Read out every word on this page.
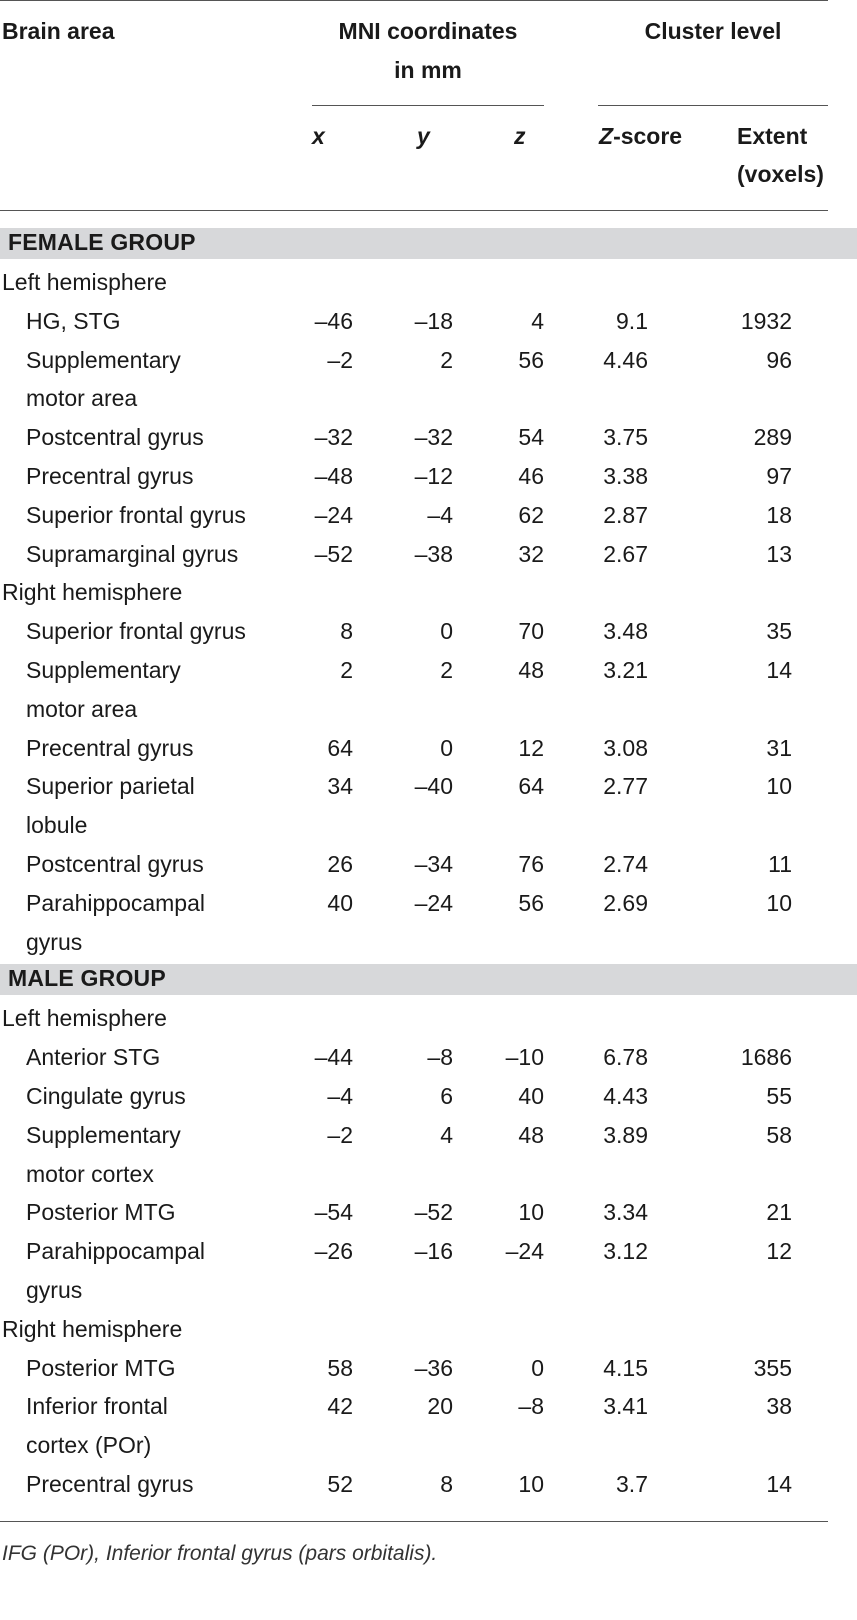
Brain area	MNI coordinates
in mm
Cluster level
x	y	z	Z-score Extent
(voxels)
FEMALE GROUP
Left hemisphere
HG, STG	–46	–18	4	9.1	1932
Supplementary
motor area
–2	2	56	4.46	96
Postcentral gyrus	–32	–32	54	3.75	289
Precentral gyrus	–48	–12	46	3.38	97
Superior frontal gyrus	–24	–4	62	2.87	18
Supramarginal gyrus	–52	–38	32	2.67	13
Right hemisphere
Superior frontal gyrus	8	0	70	3.48	35
Supplementary
motor area
2	2	48	3.21	14
Precentral gyrus	64	0	12	3.08	31
Superior parietal
lobule
34	–40	64	2.77	10
Postcentral gyrus	26	–34	76	2.74	11
Parahippocampal
gyrus
40	–24	56	2.69	10
MALE GROUP
Left hemisphere
Anterior STG	–44	–8 –10	6.78	1686
Cingulate gyrus	–4	6	40	4.43	55
Supplementary
motor cortex
–2	4	48	3.89	58
Posterior MTG	–54	–52	10	3.34	21
Parahippocampal
gyrus
–26	–16 –24	3.12	12
Right hemisphere
Posterior MTG	58	–36	0	4.15	355
Inferior frontal
cortex (POr)
42	20	–8	3.41	38
Precentral gyrus	52	8	10	3.7	14
IFG (POr), Inferior frontal gyrus (pars orbitalis).
